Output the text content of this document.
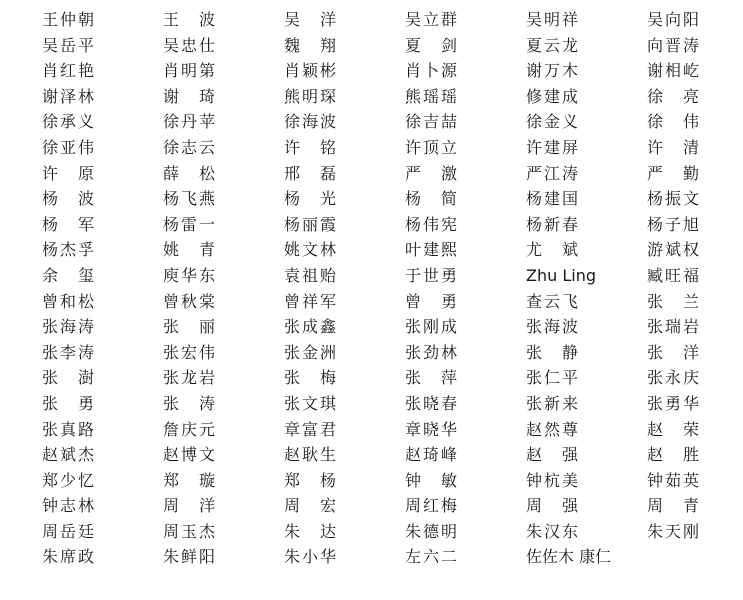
王仲朝	王　波	吴　洋	吴立群	吴明祥	吴向阳
吴岳平	吴忠仕	魏　翔	夏　剑	夏云龙	向晋涛
肖红艳	肖明第	肖颖彬	肖卜源	谢万木	谢相屹
谢泽林	谢　琦	熊明琛	熊瑶瑶	修建成	徐　亮
徐承义	徐丹苹	徐海波	徐吉喆	徐金义	徐　伟
徐亚伟	徐志云	许　铭	许顶立	许建屏	许　清
许　原	薛　松	邢　磊	严　激	严江涛	严　勤
杨　波	杨飞燕	杨　光	杨　简	杨建国	杨振文
杨　军	杨雷一	杨丽霞	杨伟宪	杨新春	杨子旭
杨杰孚	姚　青	姚文林	叶建熙	尤　斌	游斌权
余　玺	庾华东	袁祖贻	于世勇	Zhu Ling	臧旺福
曾和松	曾秋棠	曾祥军	曾　勇	查云飞	张　兰
张海涛	张　丽	张成鑫	张刚成	张海波	张瑞岩
张李涛	张宏伟	张金洲	张劲林	张　静	张　洋
张　澍	张龙岩	张　梅	张　萍	张仁平	张永庆
张　勇	张　涛	张文琪	张晓春	张新来	张勇华
张真路	詹庆元	章富君	章晓华	赵然尊	赵　荣
赵斌杰	赵博文	赵耿生	赵琦峰	赵　强	赵　胜
郑少忆	郑　璇	郑　杨	钟　敏	钟杭美	钟茹英
钟志林	周　洋	周　宏	周红梅	周　强	周　青
周岳廷	周玉杰	朱　达	朱德明	朱汉东	朱天刚
朱席政	朱鲜阳	朱小华	左六二	佐佐木 康仁
